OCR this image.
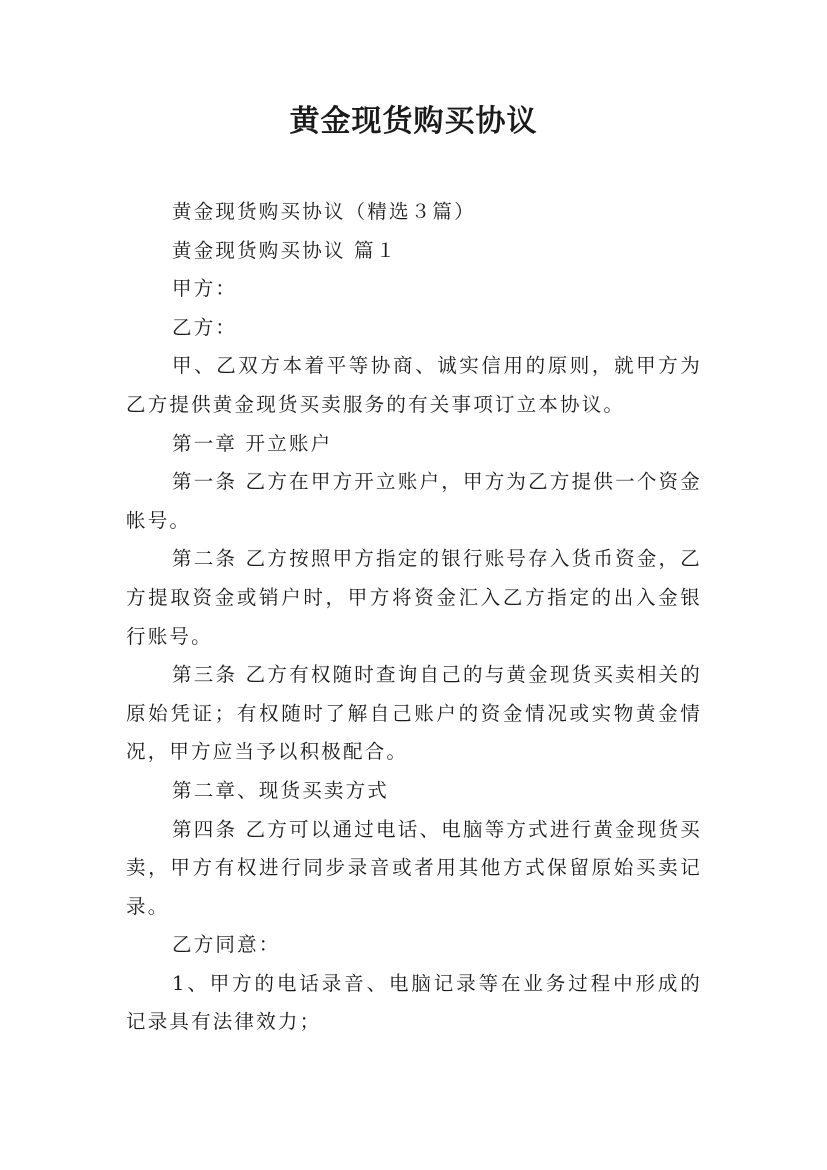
黄金现货购买协议

黄金现货购买协议（精选３篇）

黄金现货购买协议 篇１

甲方：

乙方：

甲、乙双方本着平等协商、诚实信用的原则，就甲方为乙方提供黄金现货买卖服务的有关事项订立本协议。

第一章 开立账户

第一条 乙方在甲方开立账户，甲方为乙方提供一个资金帐号。

第二条 乙方按照甲方指定的银行账号存入货币资金，乙方提取资金或销户时，甲方将资金汇入乙方指定的出入金银行账号。

第三条 乙方有权随时查询自己的与黄金现货买卖相关的原始凭证；有权随时了解自己账户的资金情况或实物黄金情况，甲方应当予以积极配合。

第二章、现货买卖方式

第四条 乙方可以通过电话、电脑等方式进行黄金现货买卖，甲方有权进行同步录音或者用其他方式保留原始买卖记录。

乙方同意：

1、甲方的电话录音、电脑记录等在业务过程中形成的记录具有法律效力；
